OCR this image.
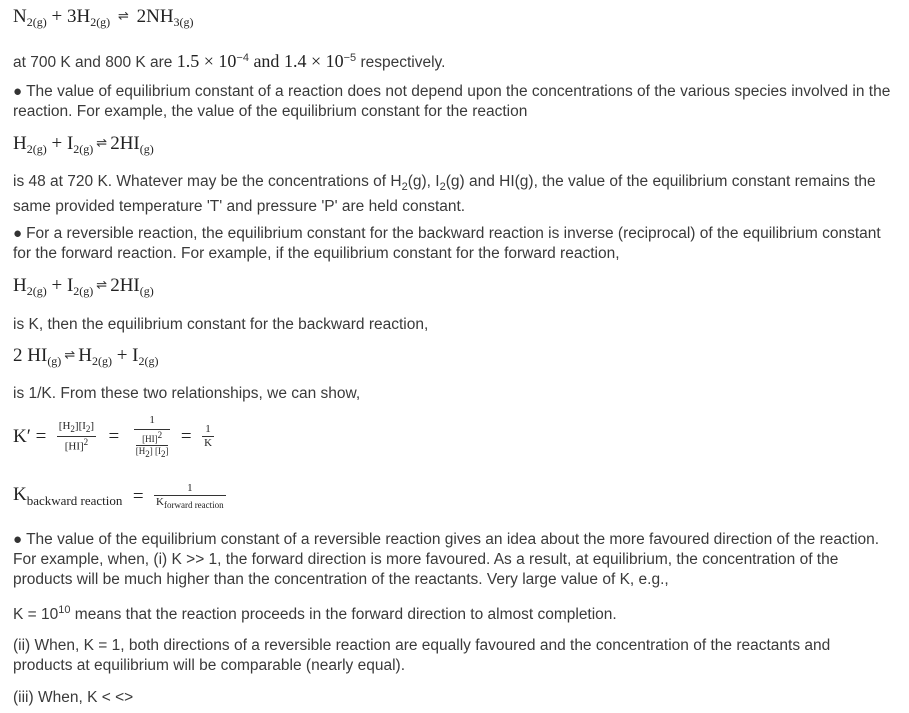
$N_{2(g)} + 3H_{2(g)}$ ⇌ $2NH_{3(g)}$
at 700 K and 800 K are $1.5 \times 10^{-4}$ and $1.4 \times 10^{-5}$ respectively.
● The value of equilibrium constant of a reaction does not depend upon the concentrations of the various species involved in the reaction. For example, the value of the equilibrium constant for the reaction
$H_{2(g)} + I_{2(g)}$ ⇌ $2HI_{(g)}$
is 48 at 720 K. Whatever may be the concentrations of $H_2(g)$, $I_2(g)$ and HI(g), the value of the equilibrium constant remains the same provided temperature 'T' and pressure 'P' are held constant.
● For a reversible reaction, the equilibrium constant for the backward reaction is inverse (reciprocal) of the equilibrium constant for the forward reaction. For example, if the equilibrium constant for the forward reaction,
$H_{2(g)} + I_{2(g)}$ ⇌ $2HI_{(g)}$
is K, then the equilibrium constant for the backward reaction,
2 $HI_{(g)}$ ⇌ $H_{2(g)} + I_{2(g)}$
is 1/K. From these two relationships, we can show,
$K' = \frac{[H_2][I_2]}{[HI]^2} = 1$
[HI]$^2$
$[H_2] [I_2] = \frac{1}{K}$
$K_{backward reaction} = \frac{1}{K_{forward reaction}}$
● The value of the equilibrium constant of a reversible reaction gives an idea about the more favoured direction of the reaction. For example, when, (i) K >> 1, the forward direction is more favoured. As a result, at equilibrium, the concentration of the products will be much higher than the concentration of the reactants. Very large value of K, e.g.,
$K = 10^{10}$ means that the reaction proceeds in the forward direction to almost completion.
(ii) When, K = 1, both directions of a reversible reaction are equally favoured and the concentration of the reactants and products at equilibrium will be comparable (nearly equal).
(iii) When, K < <>
